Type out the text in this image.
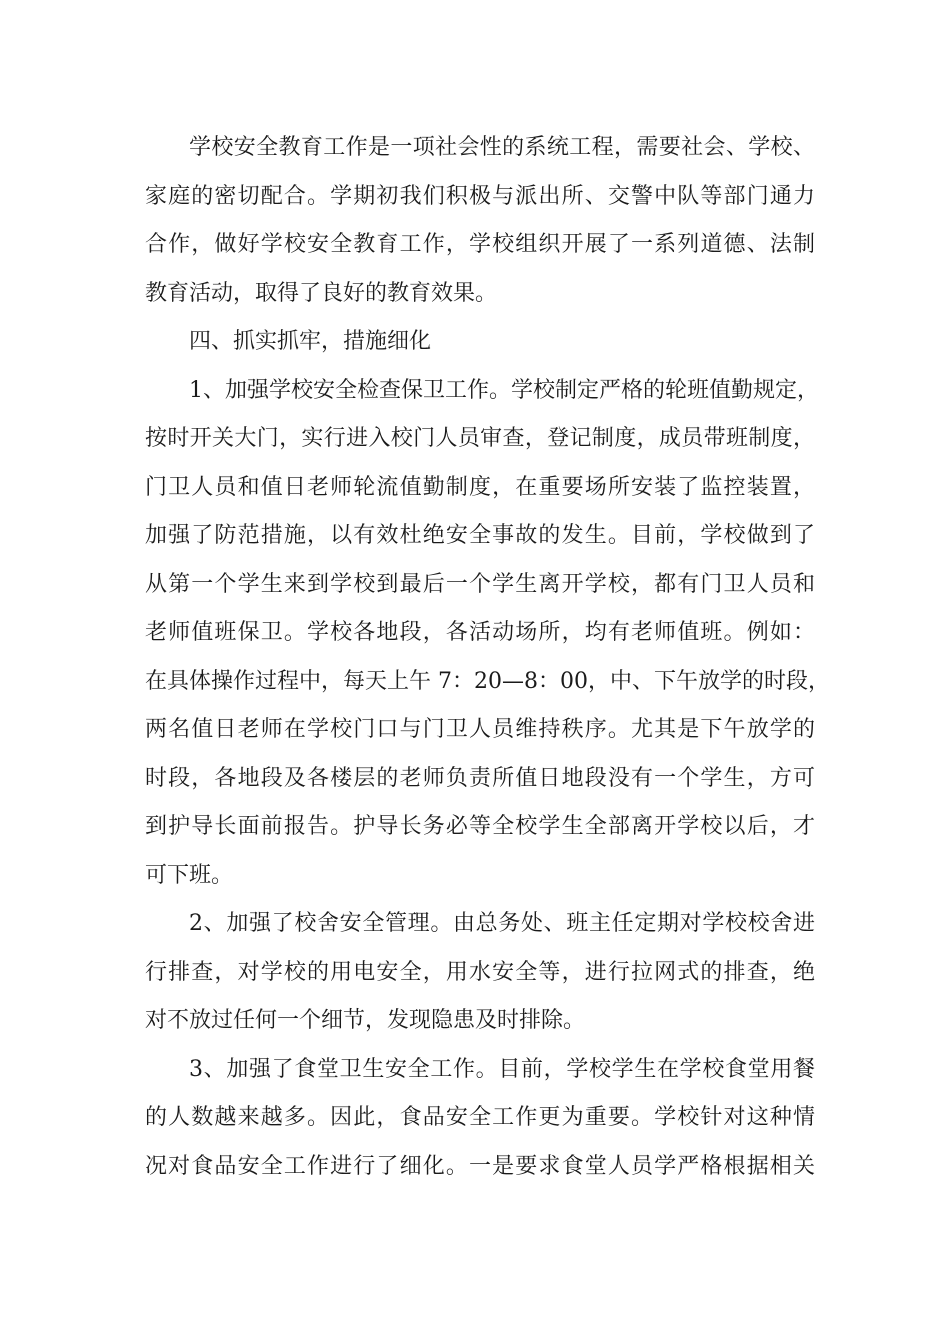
学校安全教育工作是一项社会性的系统工程，需要社会、学校、
家庭的密切配合。学期初我们积极与派出所、交警中队等部门通力
合作，做好学校安全教育工作，学校组织开展了一系列道德、法制
教育活动，取得了良好的教育效果。

四、抓实抓牢，措施细化

1、加强学校安全检查保卫工作。学校制定严格的轮班值勤规定，
按时开关大门，实行进入校门人员审查，登记制度，成员带班制度，
门卫人员和值日老师轮流值勤制度，在重要场所安装了监控装置，
加强了防范措施，以有效杜绝安全事故的发生。目前，学校做到了
从第一个学生来到学校到最后一个学生离开学校，都有门卫人员和
老师值班保卫。学校各地段，各活动场所，均有老师值班。例如：
在具体操作过程中，每天上午 7：20—8：00，中、下午放学的时段，
两名值日老师在学校门口与门卫人员维持秩序。尤其是下午放学的
时段，各地段及各楼层的老师负责所值日地段没有一个学生，方可
到护导长面前报告。护导长务必等全校学生全部离开学校以后，才
可下班。

2、加强了校舍安全管理。由总务处、班主任定期对学校校舍进
行排查，对学校的用电安全，用水安全等，进行拉网式的排查，绝
对不放过任何一个细节，发现隐患及时排除。

3、加强了食堂卫生安全工作。目前，学校学生在学校食堂用餐
的人数越来越多。因此，食品安全工作更为重要。学校针对这种情
况对食品安全工作进行了细化。一是要求食堂人员学严格根据相关
